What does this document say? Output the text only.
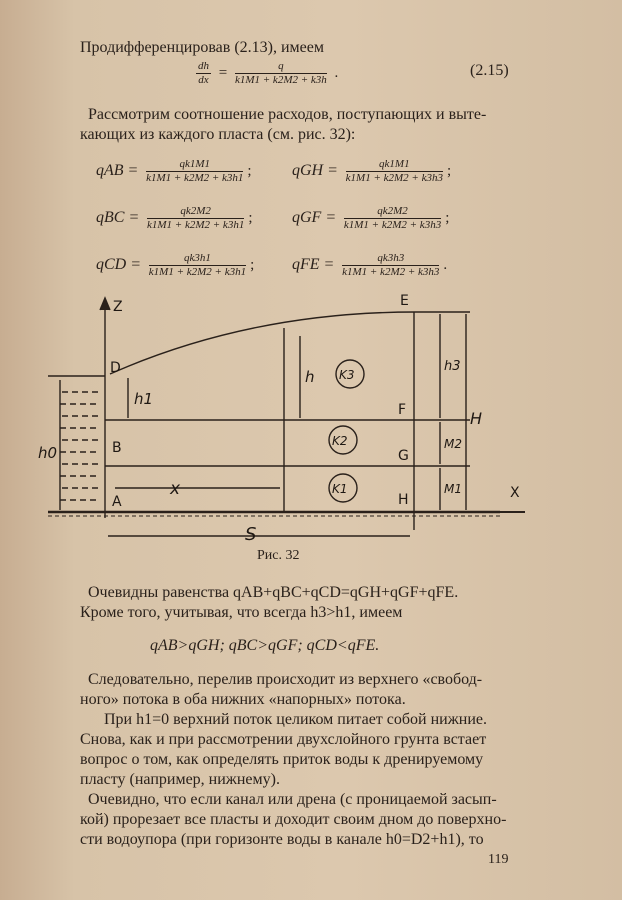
Продифференцировав (2.13), имеем
$\frac{dh}{dx} = \frac{q}{k1M1 + k2M2 + k3h}$ .	(2.15)
Рассмотрим соотношение расходов, поступающих и выте-
кающих из каждого пласта (см. рис. 32):
qAB = $\frac{qk1M1}{k1M1 + k2M2 + k3h1}$ ;	qGH = $\frac{qk1M1}{k1M1 + k2M2 + k3h3}$ ;
qBC = $\frac{qk2M2}{k1M1 + k2M2 + k3h1}$ ; qGF = $\frac{qk2M2}{k1M1 + k2M2 + k3h3}$ ;
qCD = $\frac{qk3h1}{k1M1 + k2M2 + k3h1}$ ; qFE = $\frac{qk3h3}{k1M1 + k2M2 + k3h3}$ .
Z
X
D
B
A
E
F
G
H
h0
h1
h
h3
H
M2
M1
x
S
K3
K2
K1
Рис. 32
Очевидны равенства qAB+qBC+qCD=qGH+qGF+qFE.
Кроме того, учитывая, что всегда h3>h1, имеем
qAB>qGH; qBC>qGF; qCD<qFE.
Следовательно, перелив происходит из верхнего «свобод-
ного» потока в оба нижних «напорных» потока.
При h1=0 верхний поток целиком питает собой нижние.
Снова, как и при рассмотрении двухслойного грунта встает
вопрос о том, как определять приток воды к дренируемому
пласту (например, нижнему).
Очевидно, что если канал или дрена (с проницаемой засып-
кой) прорезает все пласты и доходит своим дном до поверхно-
сти водоупора (при горизонте воды в канале h0=D2+h1), то
119
